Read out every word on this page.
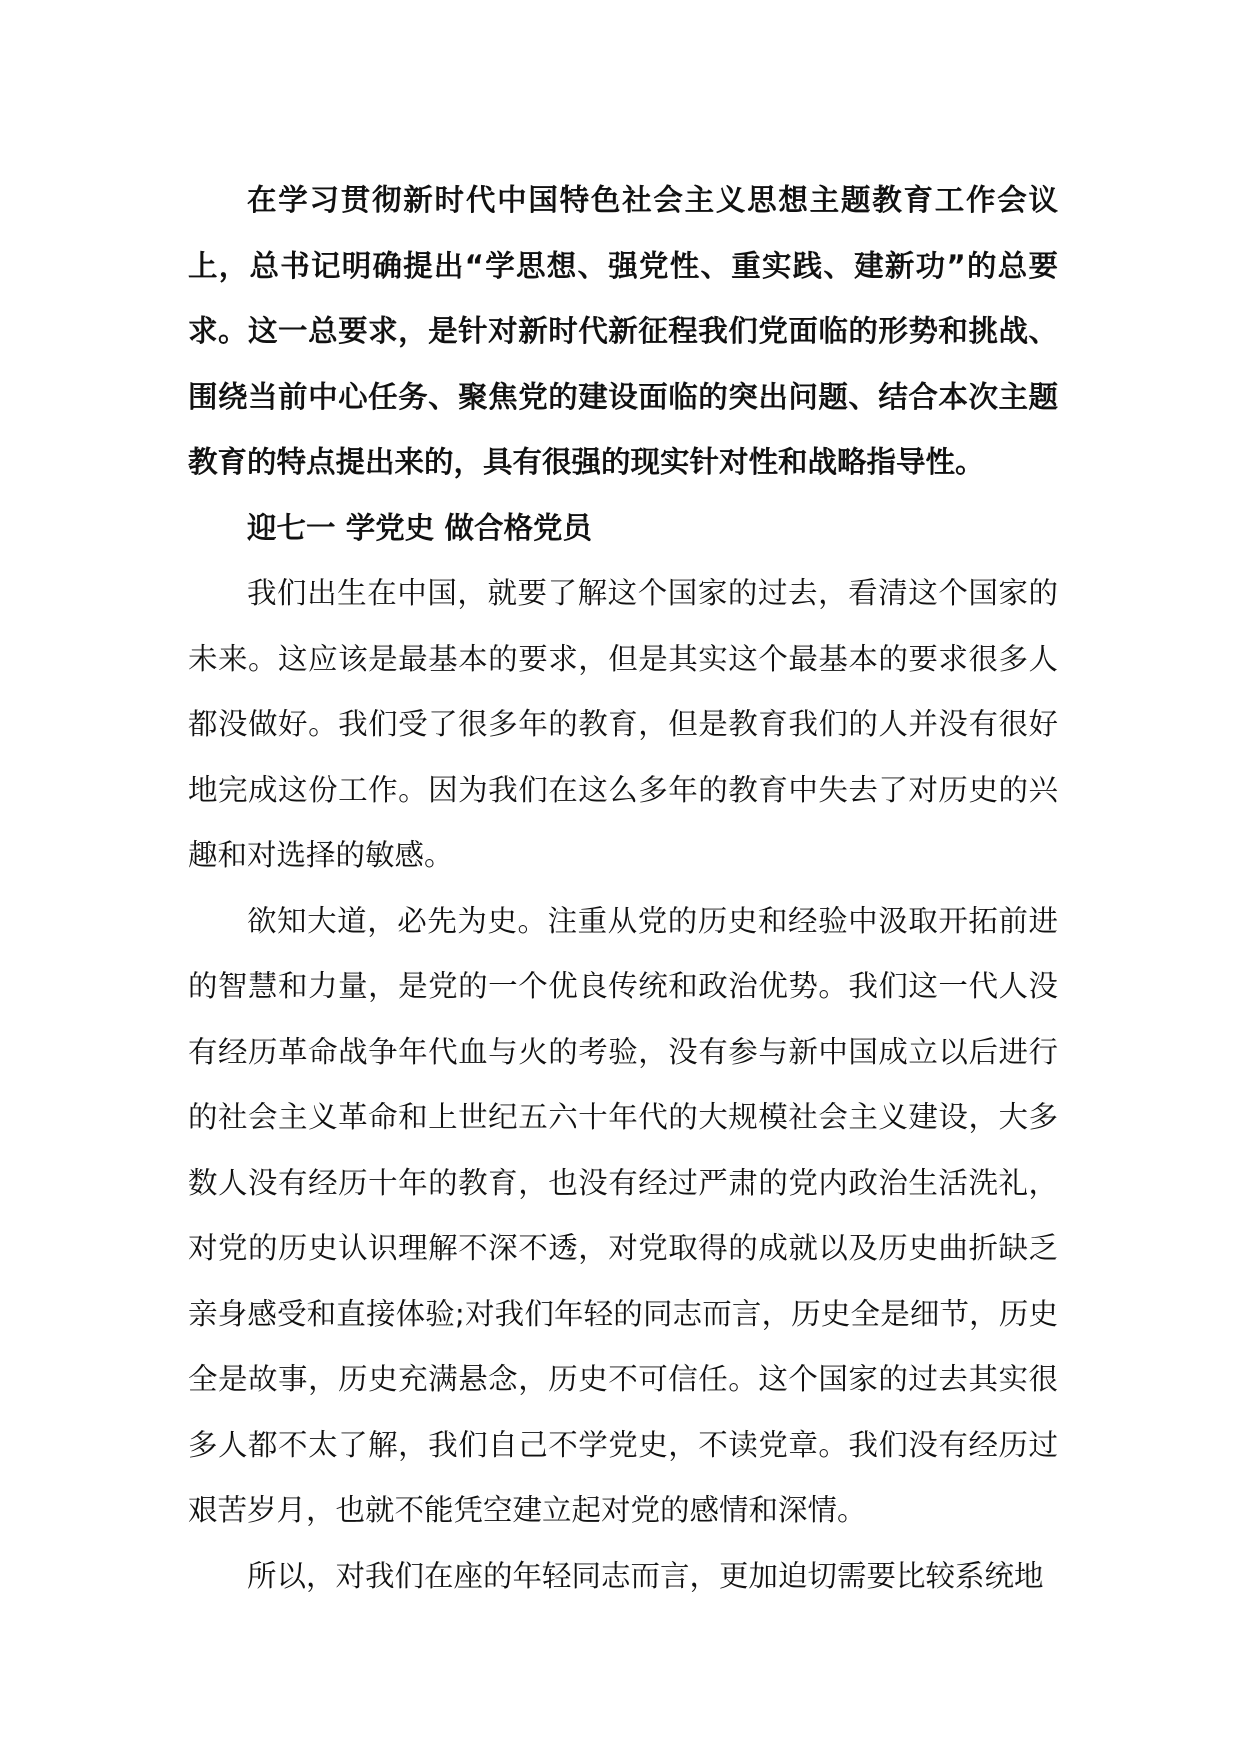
在学习贯彻新时代中国特色社会主义思想主题教育工作会议上，总书记明确提出“学思想、强党性、重实践、建新功”的总要求。这一总要求，是针对新时代新征程我们党面临的形势和挑战、围绕当前中心任务、聚焦党的建设面临的突出问题、结合本次主题教育的特点提出来的，具有很强的现实针对性和战略指导性。

迎七一 学党史 做合格党员

我们出生在中国，就要了解这个国家的过去，看清这个国家的未来。这应该是最基本的要求，但是其实这个最基本的要求很多人都没做好。我们受了很多年的教育，但是教育我们的人并没有很好地完成这份工作。因为我们在这么多年的教育中失去了对历史的兴趣和对选择的敏感。

欲知大道，必先为史。注重从党的历史和经验中汲取开拓前进的智慧和力量，是党的一个优良传统和政治优势。我们这一代人没有经历革命战争年代血与火的考验，没有参与新中国成立以后进行的社会主义革命和上世纪五六十年代的大规模社会主义建设，大多数人没有经历十年的教育，也没有经过严肃的党内政治生活洗礼，对党的历史认识理解不深不透，对党取得的成就以及历史曲折缺乏亲身感受和直接体验;对我们年轻的同志而言，历史全是细节，历史全是故事，历史充满悬念，历史不可信任。这个国家的过去其实很多人都不太了解，我们自己不学党史，不读党章。我们没有经历过艰苦岁月，也就不能凭空建立起对党的感情和深情。

所以，对我们在座的年轻同志而言，更加迫切需要比较系统地
